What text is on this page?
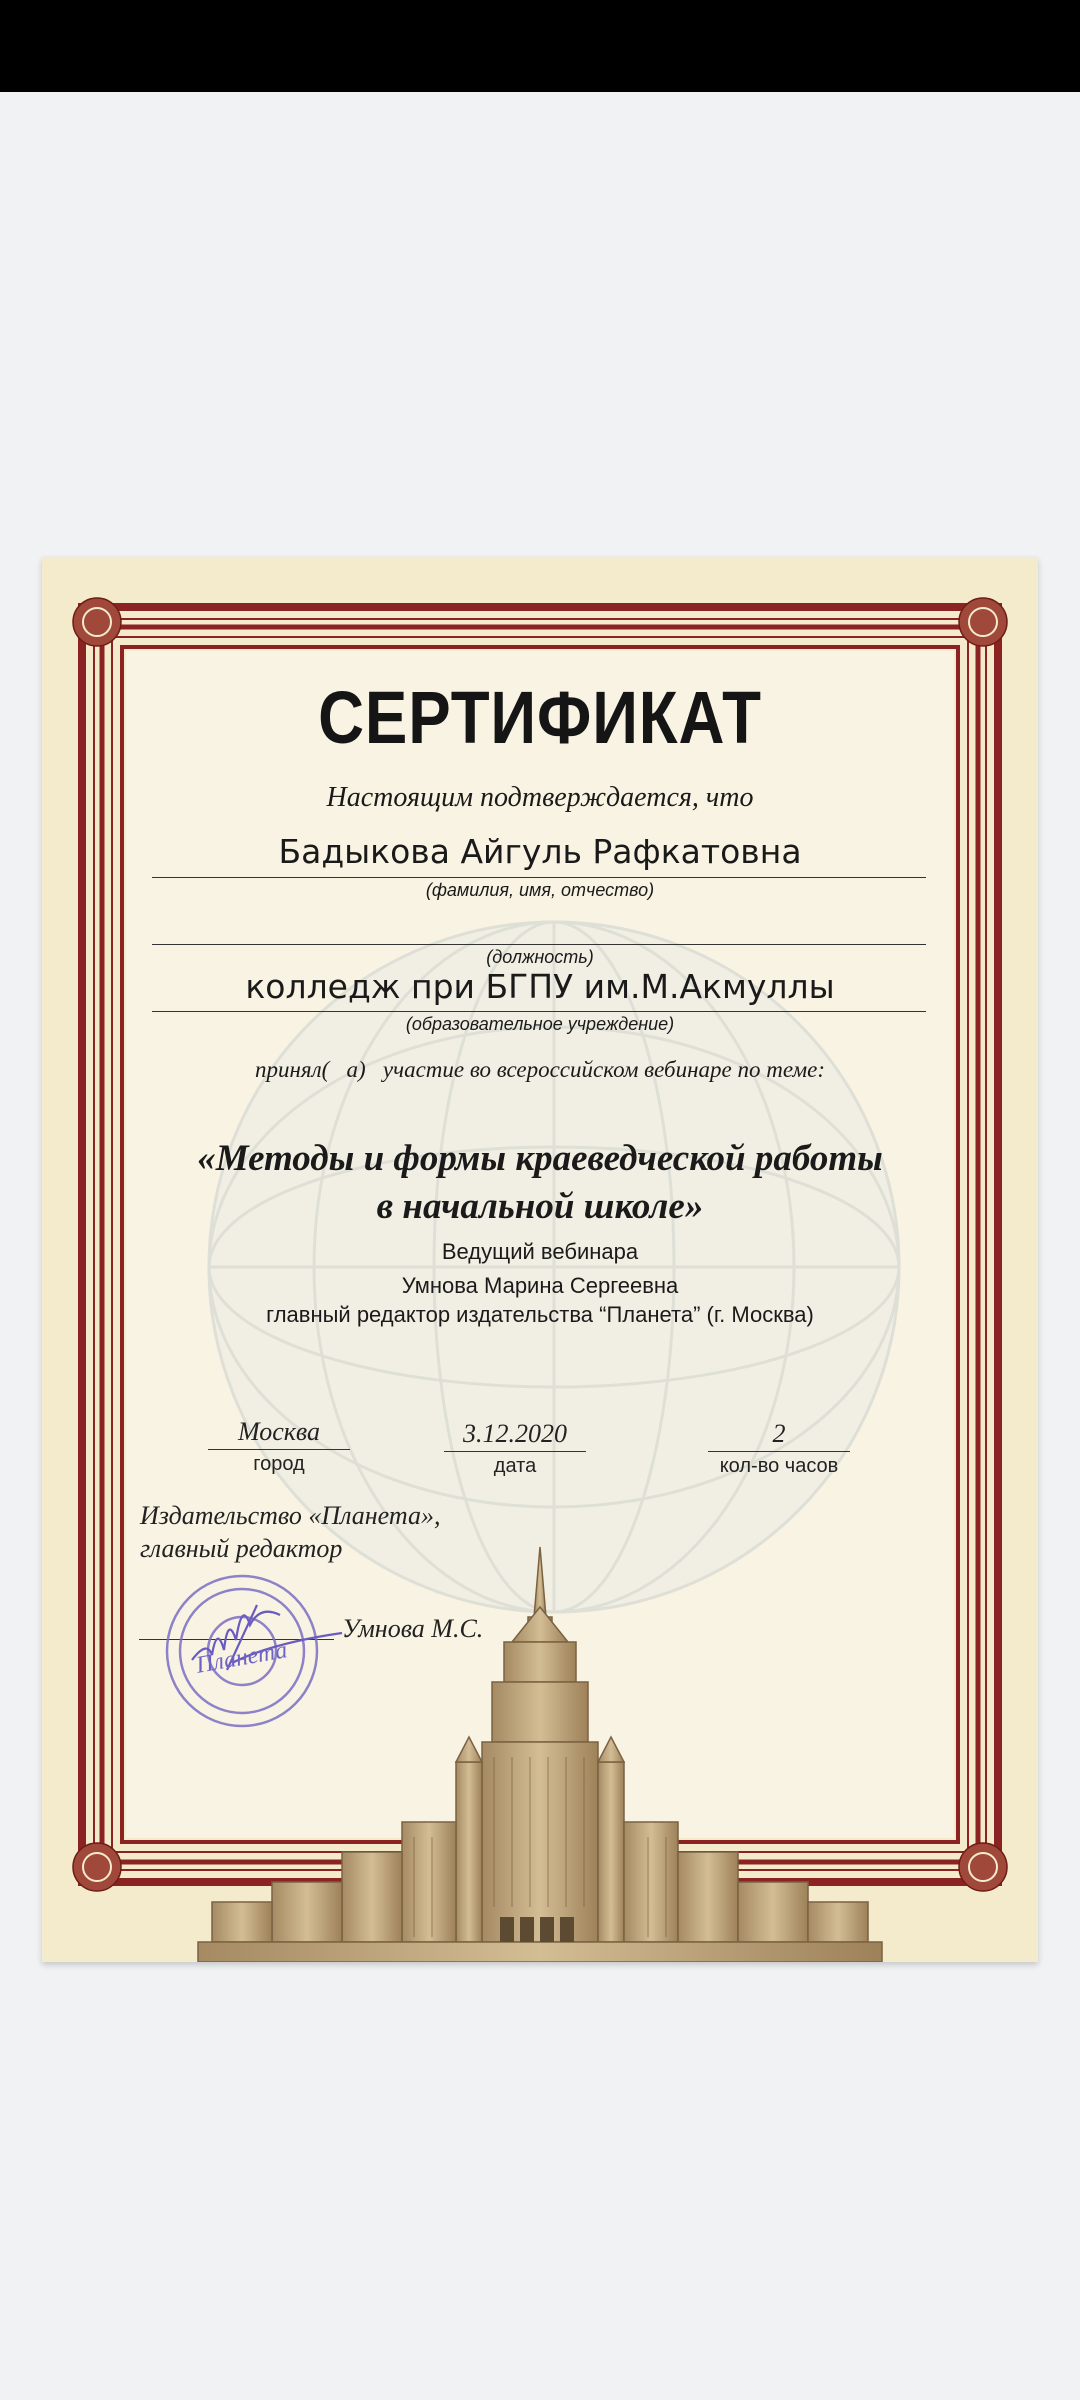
СЕРТИФИКАТ
Настоящим подтверждается, что
Бадыкова Айгуль Рафкатовна
(фамилия, имя, отчество)
(должность)
колледж при БГПУ им.М.Акмуллы
(образовательное учреждение)
принял(   а)   участие во всероссийском вебинаре по теме:
«Методы и формы краеведческой работы
в начальной школе»
Ведущий вебинара
Умнова Марина Сергеевна
главный редактор издательства “Планета” (г. Москва)
Москва
город
3.12.2020
дата
2
кол-во часов
Издательство «Планета»,
главный редактор
Умнова М.С.
Планета
